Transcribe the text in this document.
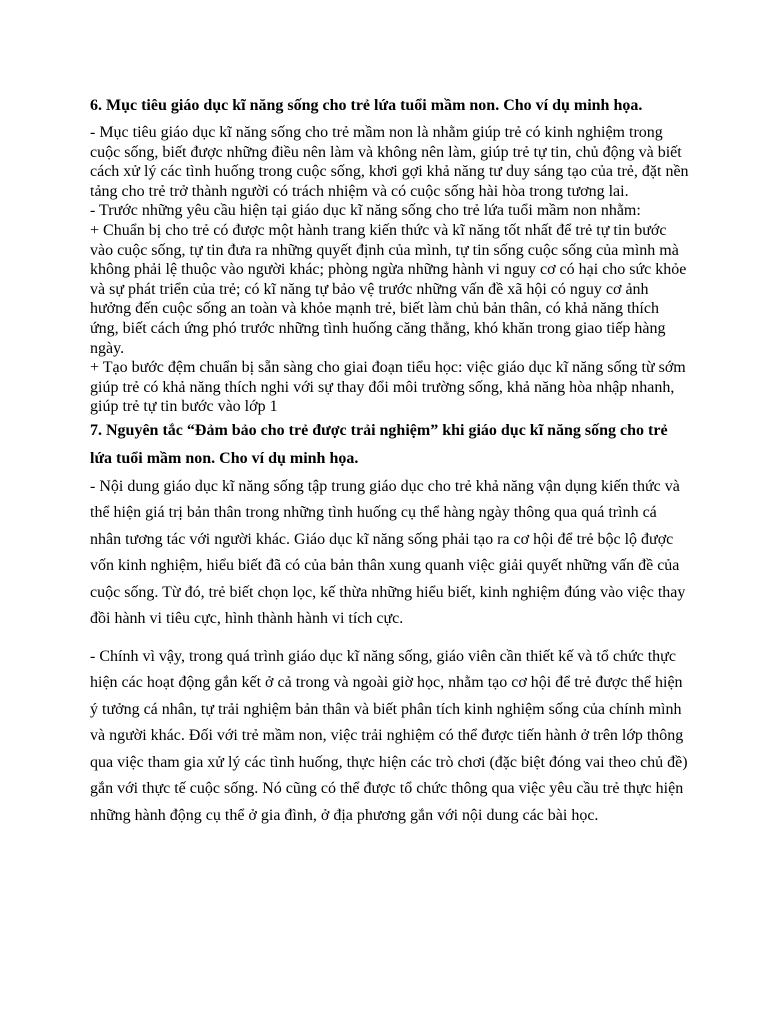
6. Mục tiêu giáo dục kĩ năng sống cho trẻ lứa tuổi mầm non. Cho ví dụ minh họa.

- Mục tiêu giáo dục kĩ năng sống cho trẻ mầm non là nhằm giúp trẻ có kinh nghiệm trong cuộc sống, biết được những điều nên làm và không nên làm, giúp trẻ tự tin, chủ động và biết cách xử lý các tình huống trong cuộc sống, khơi gợi khả năng tư duy sáng tạo của trẻ, đặt nền tảng cho trẻ trở thành người có trách nhiệm và có cuộc sống hài hòa trong tương lai.

- Trước những yêu cầu hiện tại giáo dục kĩ năng sống cho trẻ lứa tuổi mầm non nhằm:

+ Chuẩn bị cho trẻ có được một hành trang kiến thức và kĩ năng tốt nhất để trẻ tự tin bước vào cuộc sống, tự tin đưa ra những quyết định của mình, tự tin sống cuộc sống của mình mà không phải lệ thuộc vào người khác; phòng ngừa những hành vi nguy cơ có hại cho sức khỏe và sự phát triển của trẻ; có kĩ năng tự bảo vệ trước những vấn đề xã hội có nguy cơ ảnh hưởng đến cuộc sống an toàn và khỏe mạnh trẻ, biết làm chủ bản thân, có khả năng thích ứng, biết cách ứng phó trước những tình huống căng thẳng, khó khăn trong giao tiếp hàng ngày.

+ Tạo bước đệm chuẩn bị sẵn sàng cho giai đoạn tiểu học: việc giáo dục kĩ năng sống từ sớm giúp trẻ có khả năng thích nghi với sự thay đổi môi trường sống, khả năng hòa nhập nhanh, giúp trẻ tự tin bước vào lớp 1

7. Nguyên tắc “Đảm bảo cho trẻ được trải nghiệm” khi giáo dục kĩ năng sống cho trẻ lứa tuổi mầm non. Cho ví dụ minh họa.

- Nội dung giáo dục kĩ năng sống tập trung giáo dục cho trẻ khả năng vận dụng kiến thức và thể hiện giá trị bản thân trong những tình huống cụ thể hàng ngày thông qua quá trình cá nhân tương tác với người khác. Giáo dục kĩ năng sống phải tạo ra cơ hội để trẻ bộc lộ được vốn kinh nghiệm, hiểu biết đã có của bản thân xung quanh việc giải quyết những vấn đề của cuộc sống. Từ đó, trẻ biết chọn lọc, kế thừa những hiểu biết, kinh nghiệm đúng vào việc thay đồi hành vi tiêu cực, hình thành hành vi tích cực.

- Chính vì vậy, trong quá trình giáo dục kĩ năng sống, giáo viên cần thiết kế và tổ chức thực hiện các hoạt động gắn kết ở cả trong và ngoài giờ học, nhằm tạo cơ hội để trẻ được thể hiện ý tưởng cá nhân, tự trải nghiệm bản thân và biết phân tích kinh nghiệm sống của chính mình và người khác. Đối với trẻ mầm non, việc trải nghiệm có thể được tiến hành ở trên lớp thông qua việc tham gia xử lý các tình huống, thực hiện các trò chơi (đặc biệt đóng vai theo chủ đề) gắn với thực tế cuộc sống. Nó cũng có thể được tổ chức thông qua việc yêu cầu trẻ thực hiện những hành động cụ thể ở gia đình, ở địa phương gắn với nội dung các bài học.
